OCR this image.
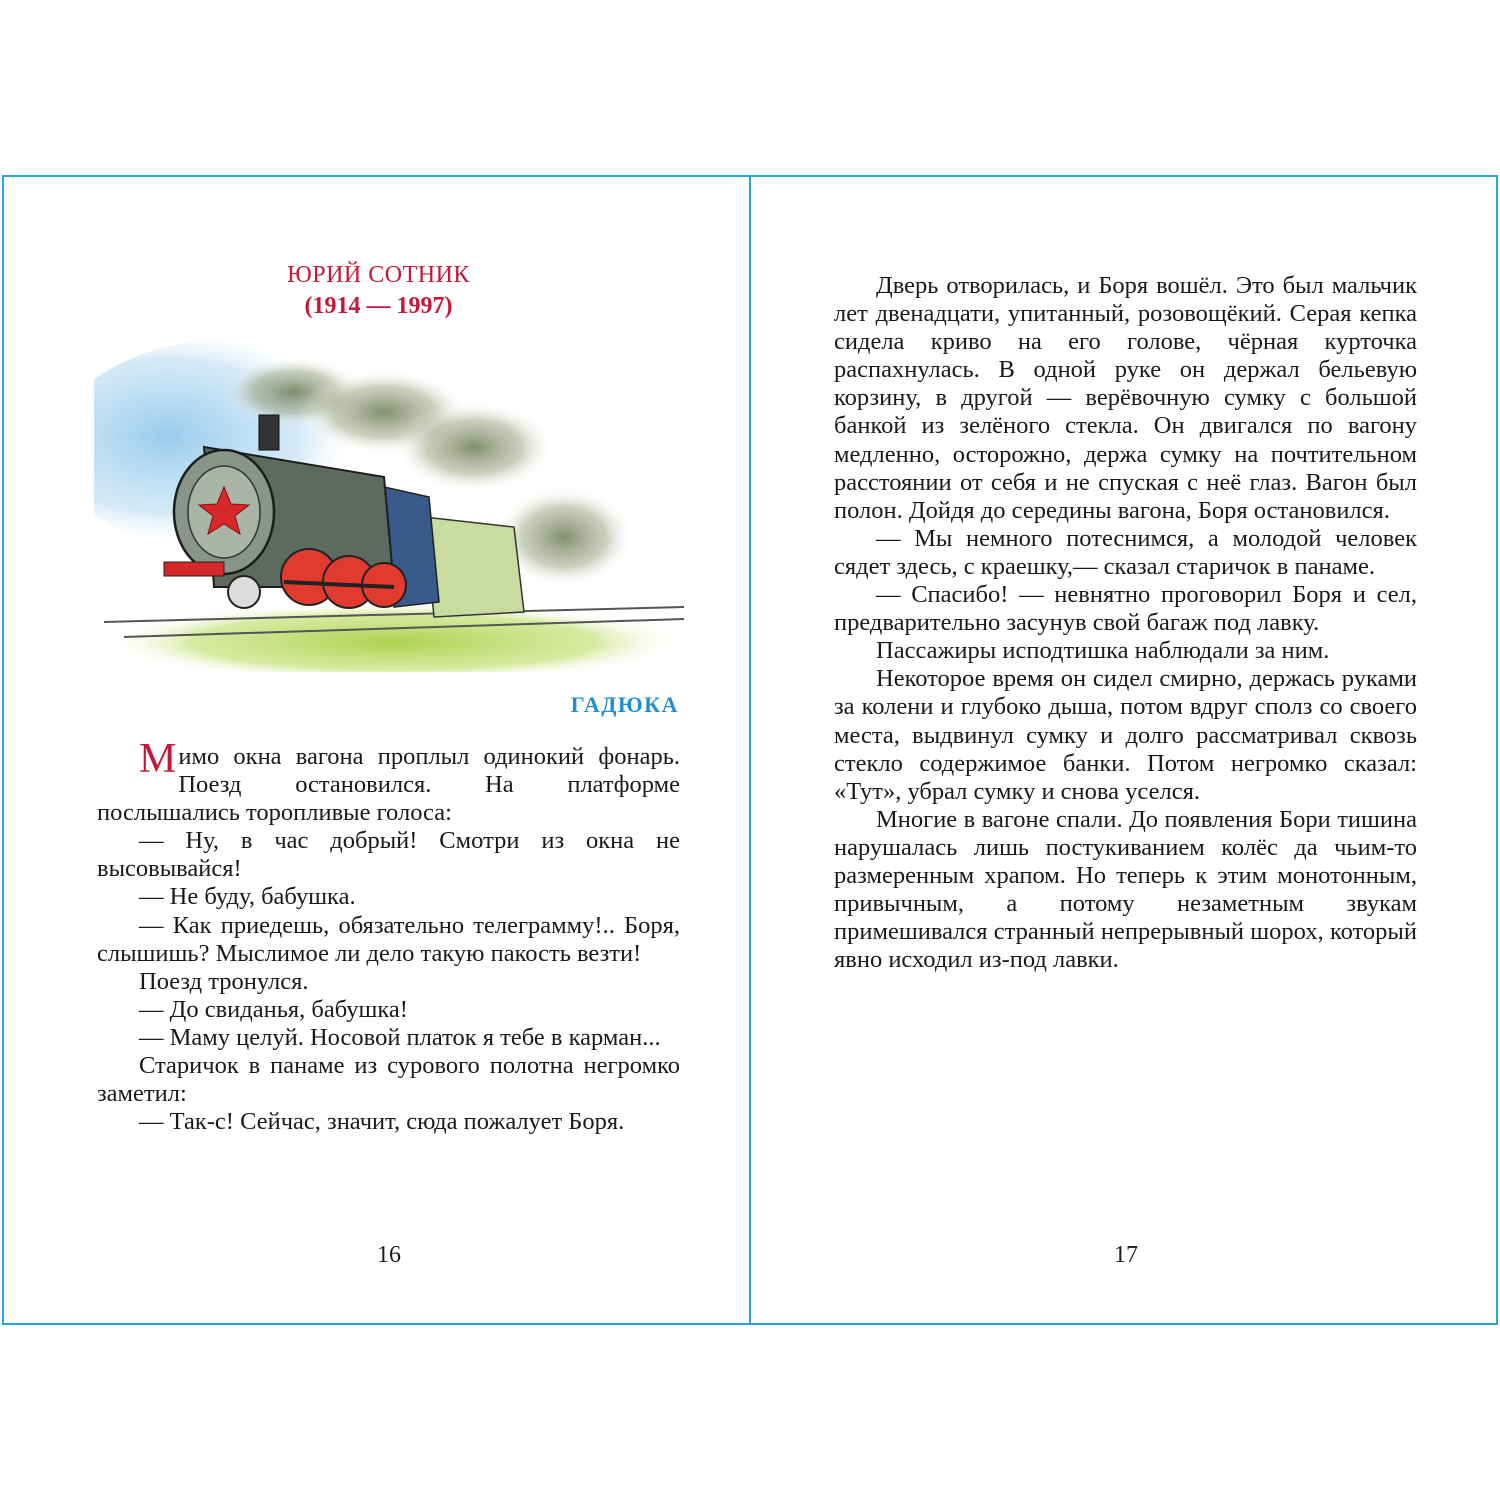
ЮРИЙ СОТНИК
(1914 — 1997)
ГАДЮКА

Мимо окна вагона проплыл одинокий фонарь. Поезд остановился. На платформе послышались торопливые голоса:

— Ну, в час добрый! Смотри из окна не высовывайся!

— Не буду, бабушка.

— Как приедешь, обязательно телеграмму!.. Боря, слышишь? Мыслимое ли дело такую пакость везти!

Поезд тронулся.

— До свиданья, бабушка!

— Маму целуй. Носовой платок я тебе в карман...

Старичок в панаме из сурового полотна негромко заметил:

— Так-с! Сейчас, значит, сюда пожалует Боря.

16

Дверь отворилась, и Боря вошёл. Это был мальчик лет двенадцати, упитанный, розовощёкий. Серая кепка сидела криво на его голове, чёрная курточка распахнулась. В одной руке он держал бельевую корзину, в другой — верёвочную сумку с большой банкой из зелёного стекла. Он двигался по вагону медленно, осторожно, держа сумку на почтительном расстоянии от себя и не спуская с неё глаз. Вагон был полон. Дойдя до середины вагона, Боря остановился.

— Мы немного потеснимся, а молодой человек сядет здесь, с краешку,— сказал старичок в панаме.

— Спасибо! — невнятно проговорил Боря и сел, предварительно засунув свой багаж под лавку.

Пассажиры исподтишка наблюдали за ним.

Некоторое время он сидел смирно, держась руками за колени и глубоко дыша, потом вдруг сполз со своего места, выдвинул сумку и долго рассматривал сквозь стекло содержимое банки. Потом негромко сказал: «Тут», убрал сумку и снова уселся.

Многие в вагоне спали. До появления Бори тишина нарушалась лишь постукиванием колёс да чьим-то размеренным храпом. Но теперь к этим монотонным, привычным, а потому незаметным звукам примешивался странный непрерывный шорох, который явно исходил из-под лавки.

17
